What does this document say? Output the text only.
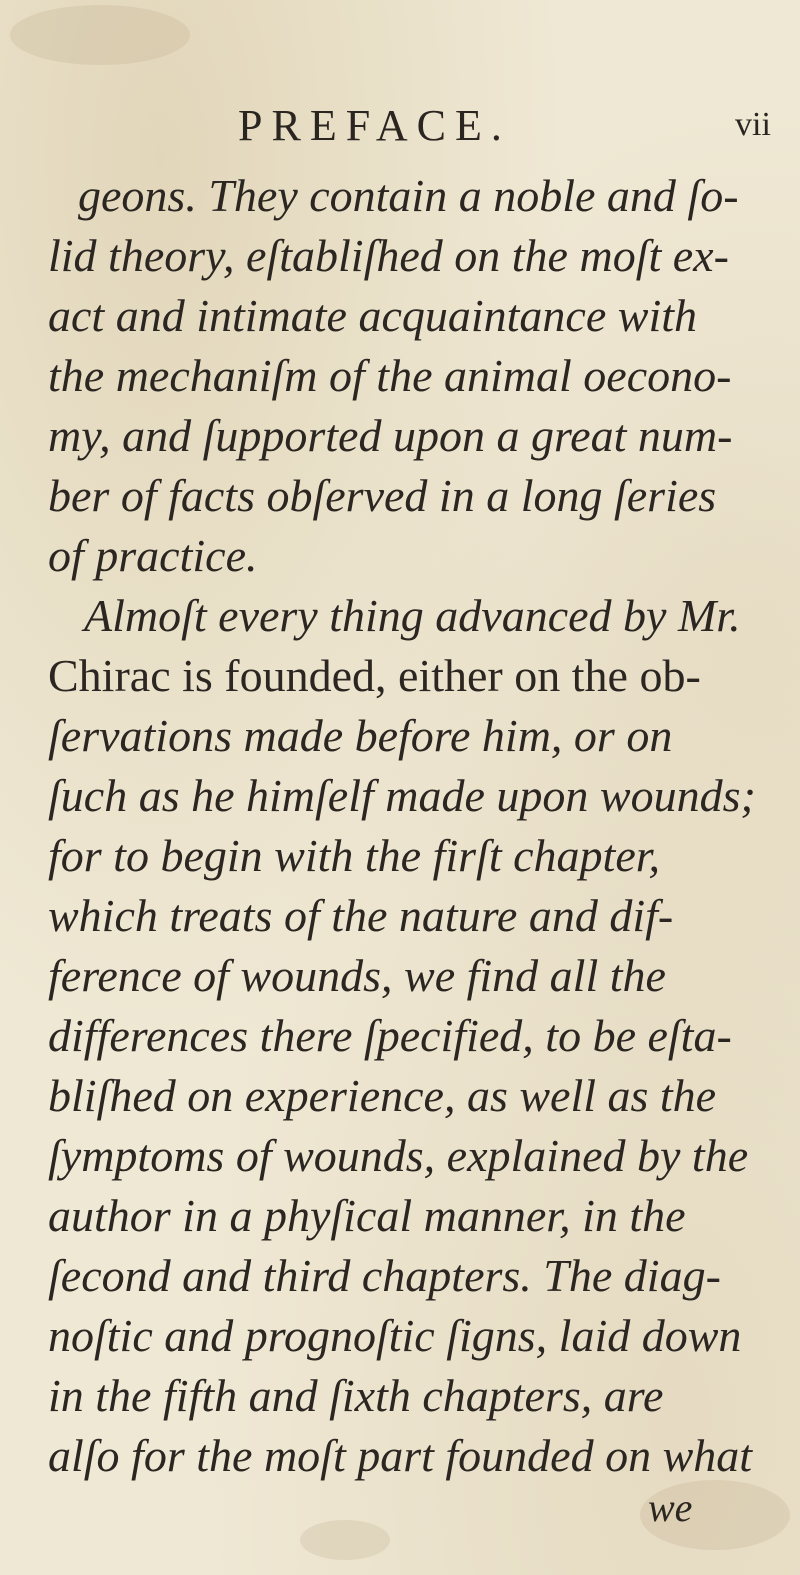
PREFACE.	vii
geons. They contain a noble and ſo-
lid theory, eſtabliſhed on the moſt ex-
act and intimate acquaintance with
the mechaniſm of the animal oecono-
my, and ſupported upon a great num-
ber of facts obſerved in a long ſeries
of practice.
Almoſt every thing advanced by Mr.
Chirac is founded, either on the ob-
ſervations made before him, or on
ſuch as he himſelf made upon wounds;
for to begin with the firſt chapter,
which treats of the nature and dif-
ference of wounds, we find all the
differences there ſpecified, to be eſta-
bliſhed on experience, as well as the
ſymptoms of wounds, explained by the
author in a phyſical manner, in the
ſecond and third chapters. The diag-
noſtic and prognoſtic ſigns, laid down
in the fifth and ſixth chapters, are
alſo for the moſt part founded on what
we
